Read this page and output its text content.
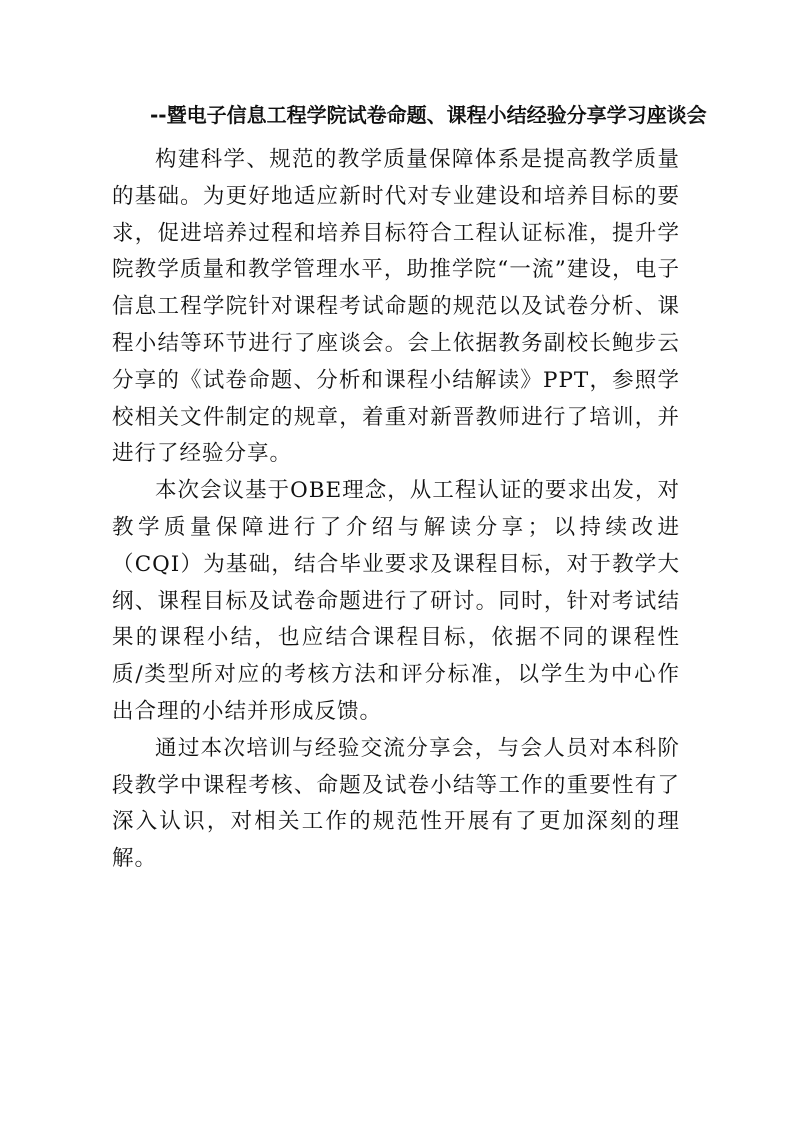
--暨电子信息工程学院试卷命题、课程小结经验分享学习座谈会

构建科学、规范的教学质量保障体系是提高教学质量的基础。为更好地适应新时代对专业建设和培养目标的要求，促进培养过程和培养目标符合工程认证标准，提升学院教学质量和教学管理水平，助推学院“一流”建设，电子信息工程学院针对课程考试命题的规范以及试卷分析、课程小结等环节进行了座谈会。会上依据教务副校长鲍步云分享的《试卷命题、分析和课程小结解读》PPT，参照学校相关文件制定的规章，着重对新晋教师进行了培训，并进行了经验分享。

本次会议基于OBE理念，从工程认证的要求出发，对教学质量保障进行了介绍与解读分享；以持续改进（CQI）为基础，结合毕业要求及课程目标，对于教学大纲、课程目标及试卷命题进行了研讨。同时，针对考试结果的课程小结，也应结合课程目标，依据不同的课程性质/类型所对应的考核方法和评分标准，以学生为中心作出合理的小结并形成反馈。

通过本次培训与经验交流分享会，与会人员对本科阶段教学中课程考核、命题及试卷小结等工作的重要性有了深入认识，对相关工作的规范性开展有了更加深刻的理解。
